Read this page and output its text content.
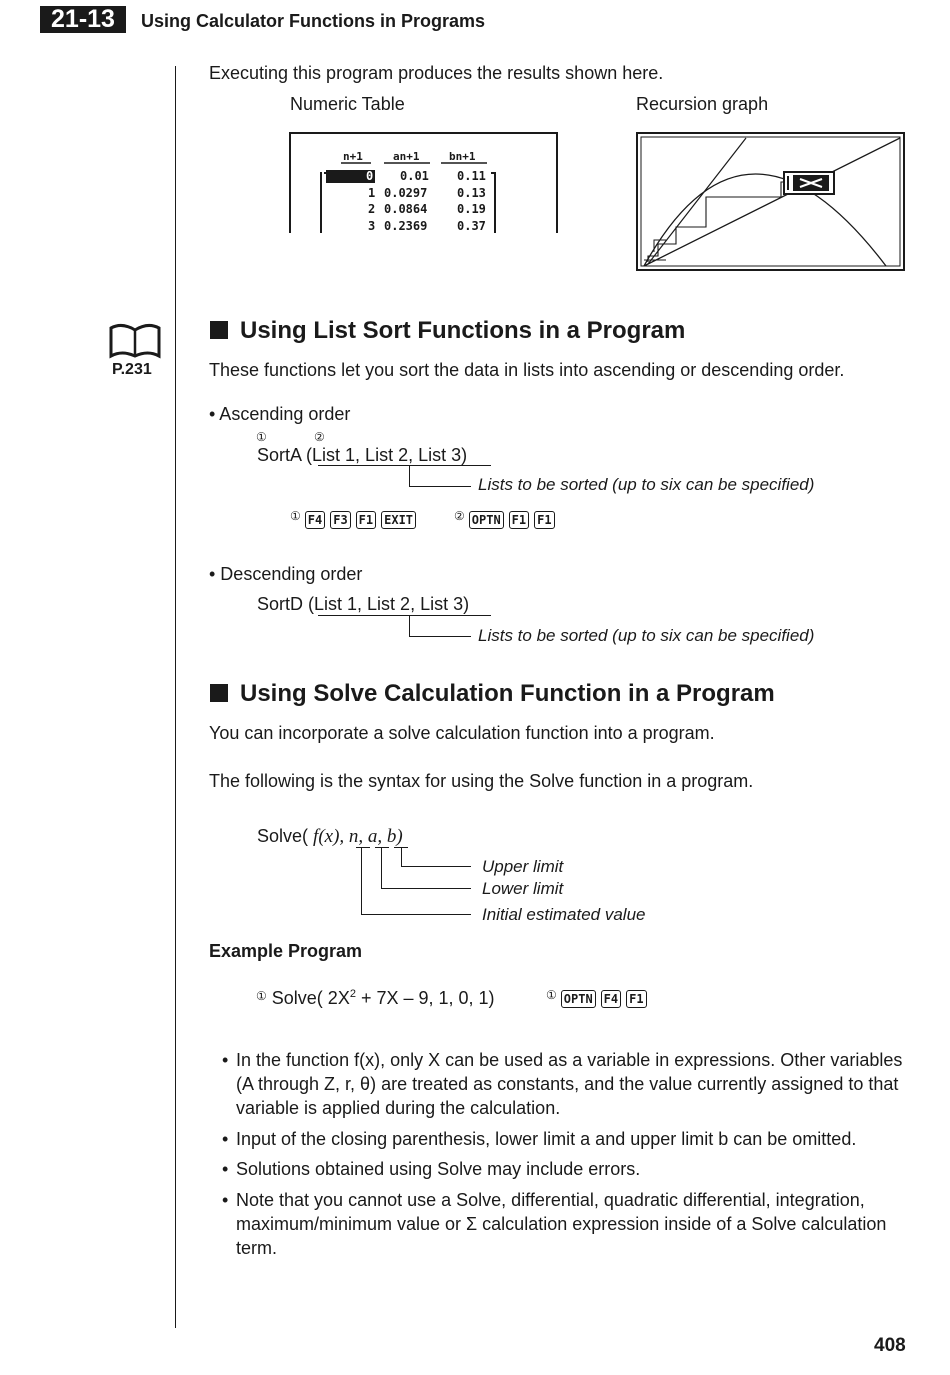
21-13	Using Calculator Functions in Programs
Executing this program produces the results shown here.
Numeric Table	Recursion graph
n+1	an+1	bn+1
0 0.01 0.11
1 0.0297 0.13
2 0.0864 0.19
3 0.2369 0.37
P.231
Using List Sort Functions in a Program
These functions let you sort the data in lists into ascending or descending order.
• Ascending order
①	②
SortA (List 1, List 2, List 3)
Lists to be sorted (up to six can be specified)
① F4 F3 F1 EXIT	② OPTN F1 F1
• Descending order
SortD (List 1, List 2, List 3)
Lists to be sorted (up to six can be specified)
Using Solve Calculation Function in a Program
You can incorporate a solve calculation function into a program.
The following is the syntax for using the Solve function in a program.
Solve( f(x), n, a, b)
Upper limit
Lower limit
Initial estimated value
Example Program
① Solve( $2X^2 + 7X - 9$, 1, 0, 1)	① OPTN F4 F1
• In the function f(x), only X can be used as a variable in expressions. Other variables (A through Z, r, θ) are treated as constants, and the value currently assigned to that variable is applied during the calculation.
• Input of the closing parenthesis, lower limit a and upper limit b can be omitted.
• Solutions obtained using Solve may include errors.
• Note that you cannot use a Solve, differential, quadratic differential, integration, maximum/minimum value or Σ calculation expression inside of a Solve calculation term.
408
